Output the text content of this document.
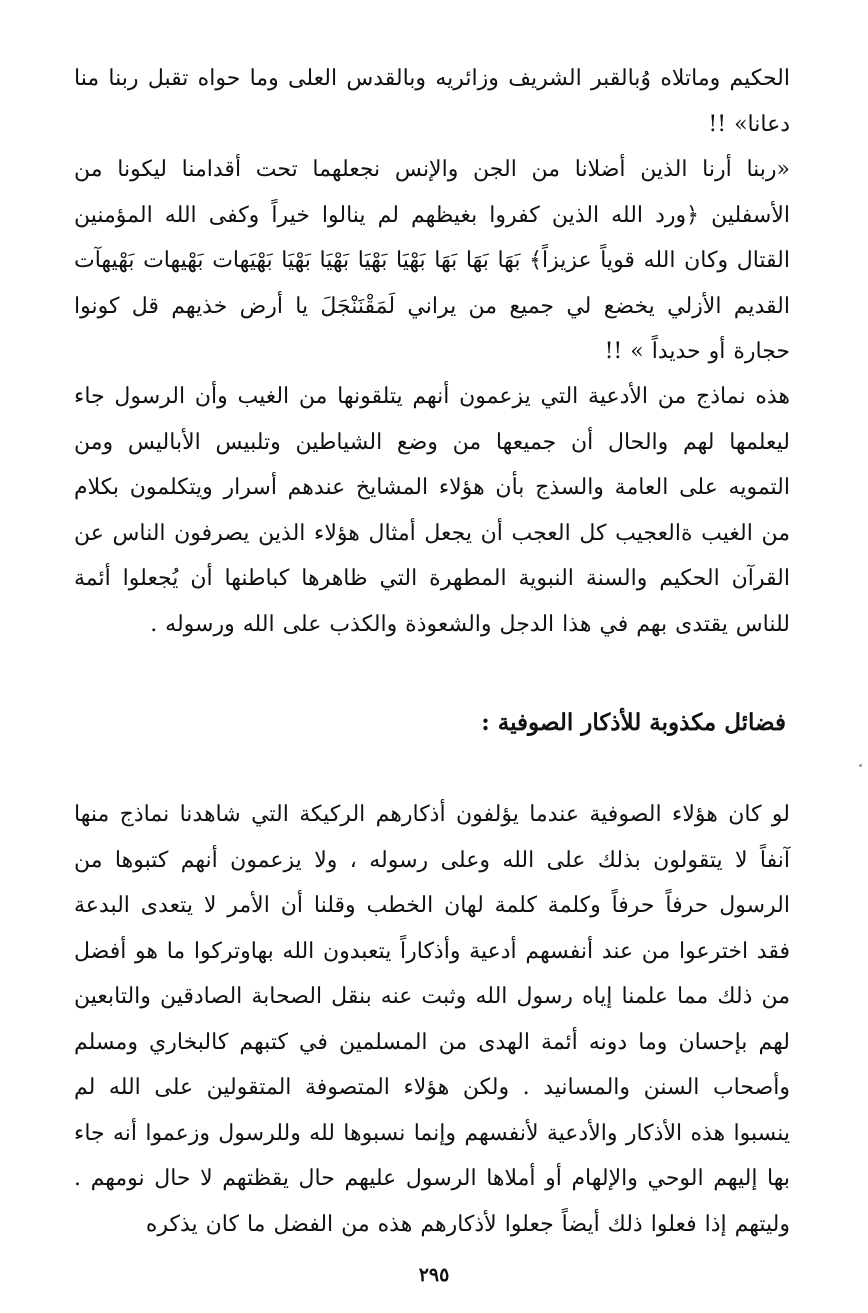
الحكيم وماتلاه وُبالقبر الشريف وزائريه وبالقدس العلى وما حواه تقبل ربنا منا دعانا» !!

«ربنا أرنا الذين أضلانا من الجن والإنس نجعلهما تحت أقدامنا ليكونا من الأسفلين ﴿ورد الله الذين كفروا بغيظهم لم ينالوا خيراً وكفى الله المؤمنين القتال وكان الله قوياً عزيزاً﴾ بَهَا بَهَا بَهَا بَهْيَا بَهْيَا بَهْيَا بَهْيَا بَهْيَهات بَهْيهات بَهْيهآت القديم الأزلي يخضع لي جميع من يراني لَمَقْنَنْجَلَ يا أرض خذيهم قل كونوا حجارة أو حديداً » !!

هذه نماذج من الأدعية التي يزعمون أنهم يتلقونها من الغيب وأن الرسول جاء ليعلمها لهم والحال أن جميعها من وضع الشياطين وتلبيس الأباليس ومن التمويه على العامة والسذج بأن هؤلاء المشايخ عندهم أسرار ويتكلمون بكلام من الغيب ةالعجيب كل العجب أن يجعل أمثال هؤلاء الذين يصرفون الناس عن القرآن الحكيم والسنة النبوية المطهرة التي ظاهرها كباطنها أن يُجعلوا أئمة للناس يقتدى بهم في هذا الدجل والشعوذة والكذب على الله ورسوله .

فضائل مكذوبة للأذكار الصوفية :

لو كان هؤلاء الصوفية عندما يؤلفون أذكارهم الركيكة التي شاهدنا نماذج منها آنفاً لا يتقولون بذلك على الله وعلى رسوله ، ولا يزعمون أنهم كتبوها من الرسول حرفاً حرفاً وكلمة كلمة لهان الخطب وقلنا أن الأمر لا يتعدى البدعة فقد اخترعوا من عند أنفسهم أدعية وأذكاراً يتعبدون الله بهاوتركوا ما هو أفضل من ذلك مما علمنا إياه رسول الله وثبت عنه بنقل الصحابة الصادقين والتابعين لهم بإحسان وما دونه أئمة الهدى من المسلمين في كتبهم كالبخاري ومسلم وأصحاب السنن والمسانيد . ولكن هؤلاء المتصوفة المتقولين على الله لم ينسبوا هذه الأذكار والأدعية لأنفسهم وإنما نسبوها لله وللرسول وزعموا أنه جاء بها إليهم الوحي والإلهام أو أملاها الرسول عليهم حال يقظتهم لا حال نومهم . وليتهم إذا فعلوا ذلك أيضاً جعلوا لأذكارهم هذه من الفضل ما كان يذكره

٢٩٥
